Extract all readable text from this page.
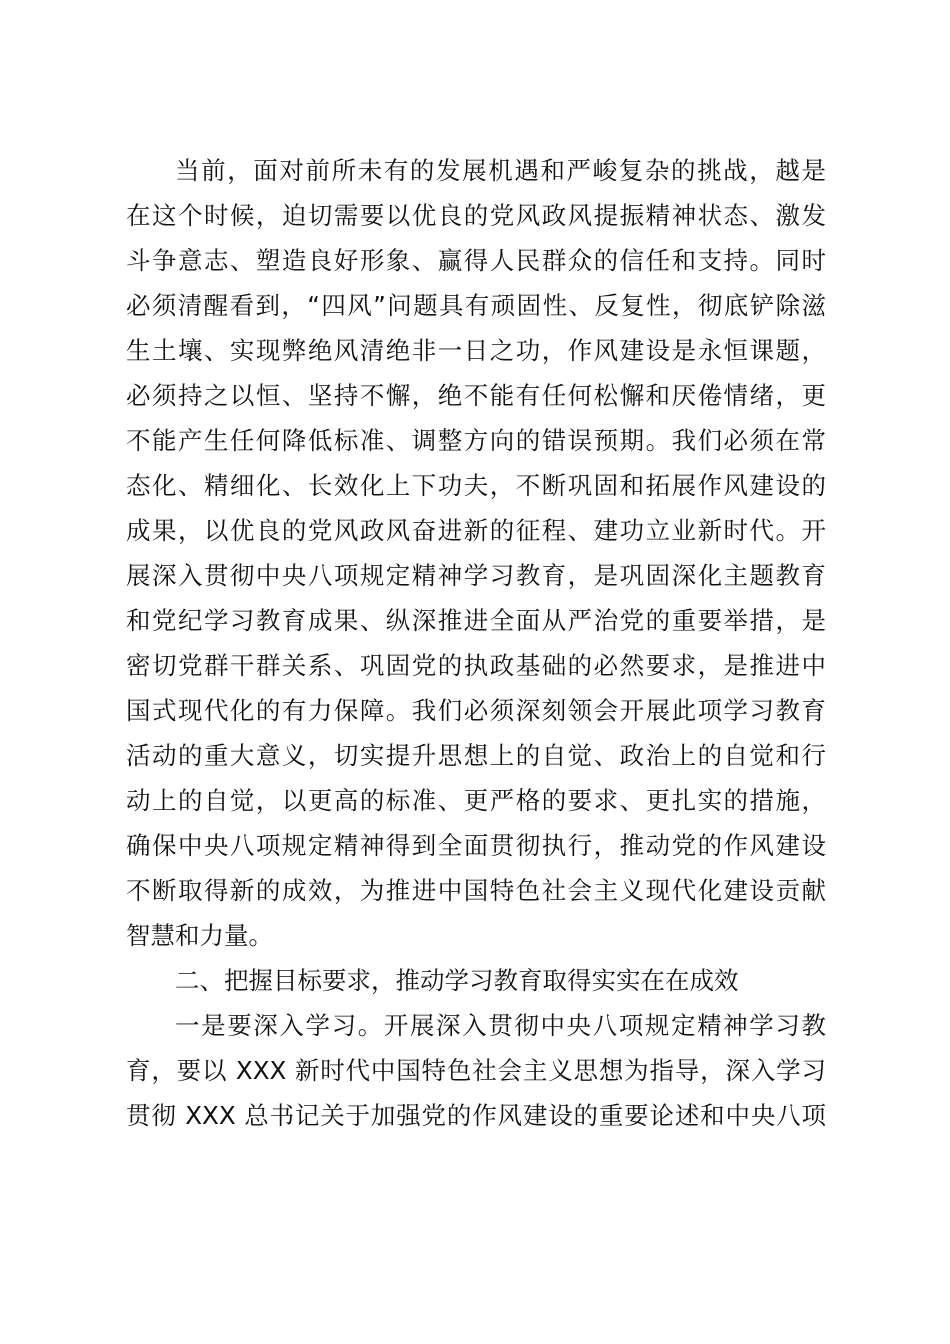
当前，面对前所未有的发展机遇和严峻复杂的挑战，越是
在这个时候，迫切需要以优良的党风政风提振精神状态、激发
斗争意志、塑造良好形象、赢得人民群众的信任和支持。同时
必须清醒看到，“四风”问题具有顽固性、反复性，彻底铲除滋
生土壤、实现弊绝风清绝非一日之功，作风建设是永恒课题，
必须持之以恒、坚持不懈，绝不能有任何松懈和厌倦情绪，更
不能产生任何降低标准、调整方向的错误预期。我们必须在常
态化、精细化、长效化上下功夫，不断巩固和拓展作风建设的
成果，以优良的党风政风奋进新的征程、建功立业新时代。开
展深入贯彻中央八项规定精神学习教育，是巩固深化主题教育
和党纪学习教育成果、纵深推进全面从严治党的重要举措，是
密切党群干群关系、巩固党的执政基础的必然要求，是推进中
国式现代化的有力保障。我们必须深刻领会开展此项学习教育
活动的重大意义，切实提升思想上的自觉、政治上的自觉和行
动上的自觉，以更高的标准、更严格的要求、更扎实的措施，
确保中央八项规定精神得到全面贯彻执行，推动党的作风建设
不断取得新的成效，为推进中国特色社会主义现代化建设贡献
智慧和力量。
二、把握目标要求，推动学习教育取得实实在在成效
一是要深入学习。开展深入贯彻中央八项规定精神学习教
育，要以 XXX 新时代中国特色社会主义思想为指导，深入学习
贯彻 XXX 总书记关于加强党的作风建设的重要论述和中央八项
